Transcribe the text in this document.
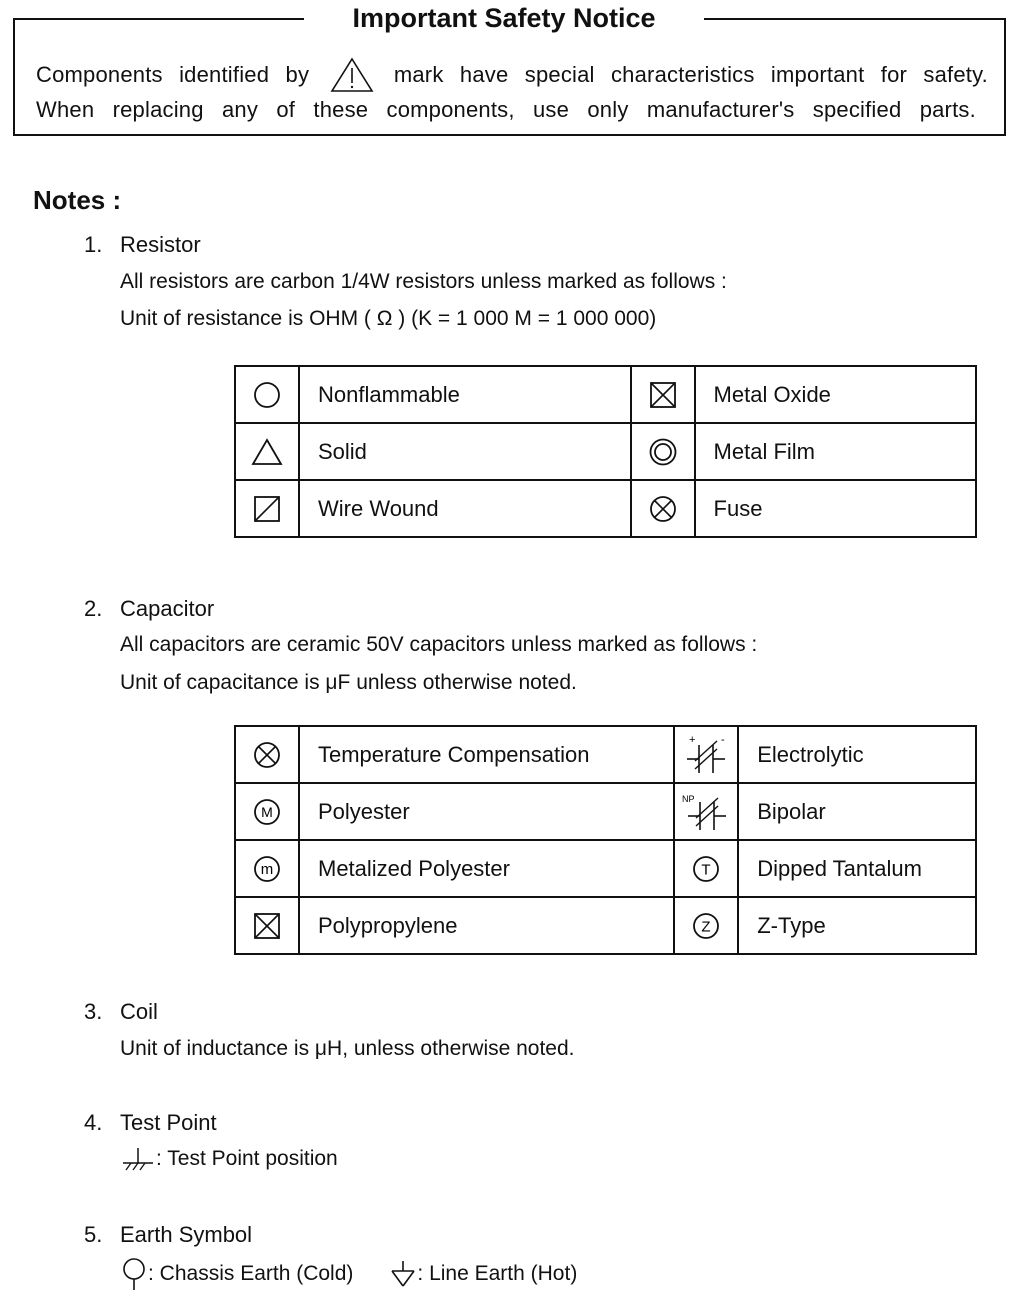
Important Safety Notice
Components identified by	mark have special characteristics important for safety.
When replacing any of these components, use only manufacturer's specified parts.
Notes :
1. Resistor
All resistors are carbon 1/4W resistors unless marked as follows :
Unit of resistance is OHM ( Ω ) (K = 1 000 M = 1 000 000)
	Nonflammable		Metal Oxide

	Solid		Metal Film

	Wire Wound		Fuse
2. Capacitor
All capacitors are ceramic 50V capacitors unless marked as follows :
Unit of capacitance is μF unless otherwise noted.
	Temperature Compensation	+ -	Electrolytic

M	Polyester	NP	Bipolar

m	Metalized Polyester	T	Dipped Tantalum

	Polypropylene	Z	Z-Type
3. Coil
Unit of inductance is μH, unless otherwise noted.
4. Test Point
: Test Point position
5. Earth Symbol
: Chassis Earth (Cold)	: Line Earth (Hot)
